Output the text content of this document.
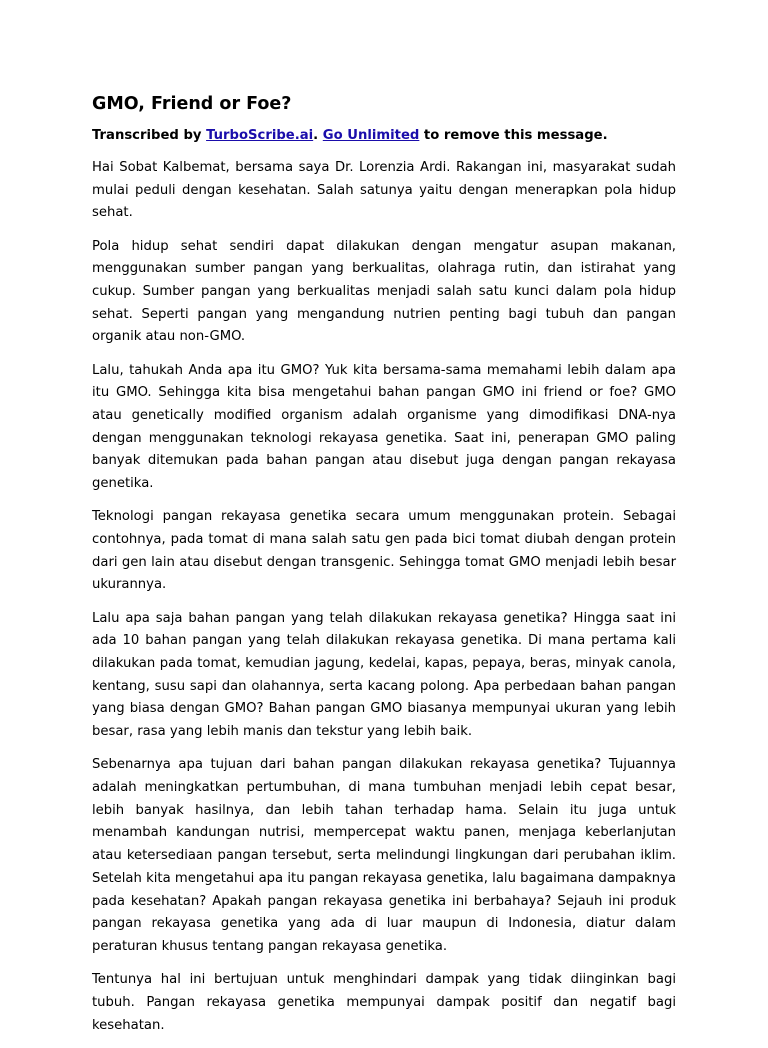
GMO, Friend or Foe?

Transcribed by TurboScribe.ai. Go Unlimited to remove this message.

Hai Sobat Kalbemat, bersama saya Dr. Lorenzia Ardi. Rakangan ini, masyarakat sudah mulai peduli dengan kesehatan. Salah satunya yaitu dengan menerapkan pola hidup sehat.

Pola hidup sehat sendiri dapat dilakukan dengan mengatur asupan makanan, menggunakan sumber pangan yang berkualitas, olahraga rutin, dan istirahat yang cukup. Sumber pangan yang berkualitas menjadi salah satu kunci dalam pola hidup sehat. Seperti pangan yang mengandung nutrien penting bagi tubuh dan pangan organik atau non-GMO.

Lalu, tahukah Anda apa itu GMO? Yuk kita bersama-sama memahami lebih dalam apa itu GMO. Sehingga kita bisa mengetahui bahan pangan GMO ini friend or foe? GMO atau genetically modified organism adalah organisme yang dimodifikasi DNA-nya dengan menggunakan teknologi rekayasa genetika. Saat ini, penerapan GMO paling banyak ditemukan pada bahan pangan atau disebut juga dengan pangan rekayasa genetika.

Teknologi pangan rekayasa genetika secara umum menggunakan protein. Sebagai contohnya, pada tomat di mana salah satu gen pada bici tomat diubah dengan protein dari gen lain atau disebut dengan transgenic. Sehingga tomat GMO menjadi lebih besar ukurannya.

Lalu apa saja bahan pangan yang telah dilakukan rekayasa genetika? Hingga saat ini ada 10 bahan pangan yang telah dilakukan rekayasa genetika. Di mana pertama kali dilakukan pada tomat, kemudian jagung, kedelai, kapas, pepaya, beras, minyak canola, kentang, susu sapi dan olahannya, serta kacang polong. Apa perbedaan bahan pangan yang biasa dengan GMO? Bahan pangan GMO biasanya mempunyai ukuran yang lebih besar, rasa yang lebih manis dan tekstur yang lebih baik.

Sebenarnya apa tujuan dari bahan pangan dilakukan rekayasa genetika? Tujuannya adalah meningkatkan pertumbuhan, di mana tumbuhan menjadi lebih cepat besar, lebih banyak hasilnya, dan lebih tahan terhadap hama. Selain itu juga untuk menambah kandungan nutrisi, mempercepat waktu panen, menjaga keberlanjutan atau ketersediaan pangan tersebut, serta melindungi lingkungan dari perubahan iklim. Setelah kita mengetahui apa itu pangan rekayasa genetika, lalu bagaimana dampaknya pada kesehatan? Apakah pangan rekayasa genetika ini berbahaya? Sejauh ini produk pangan rekayasa genetika yang ada di luar maupun di Indonesia, diatur dalam peraturan khusus tentang pangan rekayasa genetika.

Tentunya hal ini bertujuan untuk menghindari dampak yang tidak diinginkan bagi tubuh. Pangan rekayasa genetika mempunyai dampak positif dan negatif bagi kesehatan.
